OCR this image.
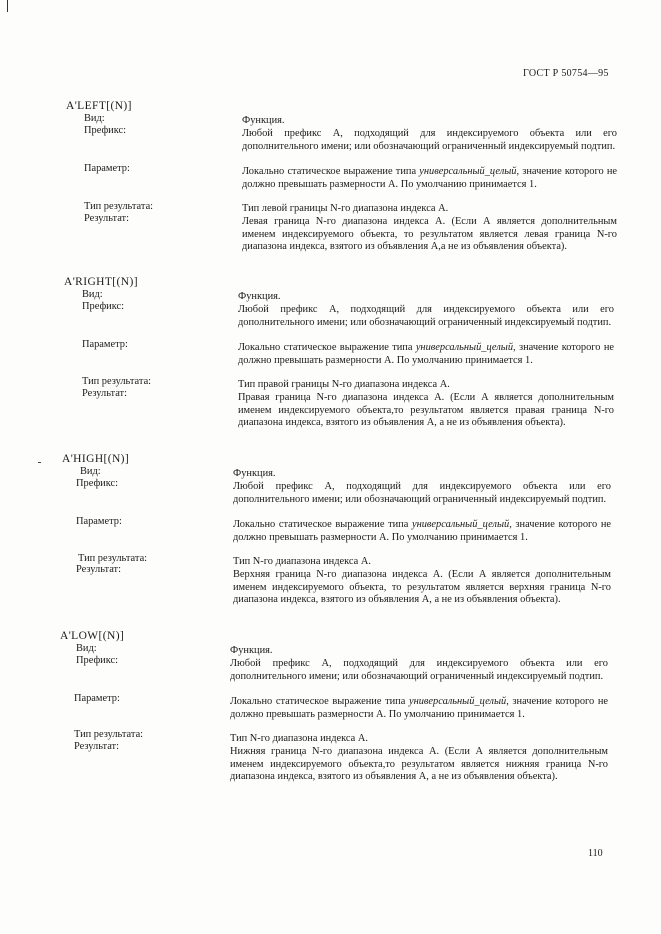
ГОСТ Р 50754—95
A'LEFT[(N)]
Вид:
Префикс:
Параметр:
Тип результата:
Результат:
Функция.
Любой префикс А, подходящий для индексируемого объекта или его дополнительного имени; или обозначающий ограниченный индексируемый подтип.
Локально статическое выражение типа универсальный_целый, значение которого не должно превышать размерности А. По умолчанию принимается 1.
Тип левой границы N-го диапазона индекса А.
Левая граница N-го диапазона индекса А. (Если А является дополнительным именем индексируемого объекта, то результатом является левая граница N-го диапазона индекса, взятого из объявления А,а не из объявления объекта).
A'RIGHT[(N)]
Вид:
Префикс:
Параметр:
Тип результата:
Результат:
Функция.
Любой префикс А, подходящий для индексируемого объекта или его дополнительного имени; или обозначающий ограниченный индексируемый подтип.
Локально статическое выражение типа универсальный_целый, значение которого не должно превышать размерности А. По умолчанию принимается 1.
Тип правой границы N-го диапазона индекса А.
Правая граница N-го диапазона индекса А. (Если А является дополнительным именем индексируемого объекта,то результатом является правая граница N-го диапазона индекса, взятого из объявления А, а не из объявления объекта).
A'HIGH[(N)]
Вид:
Префикс:
Параметр:
Тип результата:
Результат:
Функция.
Любой префикс А, подходящий для индексируемого объекта или его дополнительного имени; или обозначающий ограниченный индексируемый подтип.
Локально статическое выражение типа универсальный_целый, значение которого не должно превышать размерности А. По умолчанию принимается 1.
Тип N-го диапазона индекса А.
Верхняя граница N-го диапазона индекса А. (Если А является дополнительным именем индексируемого объекта, то результатом является верхняя граница N-го диапазона индекса, взятого из объявления А, а не из объявления объекта).
A'LOW[(N)]
Вид:
Префикс:
Параметр:
Тип результата:
Результат:
Функция.
Любой префикс А, подходящий для индексируемого объекта или его дополнительного имени; или обозначающий ограниченный индексируемый подтип.
Локально статическое выражение типа универсальный_целый, значение которого не должно превышать размерности А. По умолчанию принимается 1.
Тип N-го диапазона индекса А.
Нижняя граница N-го диапазона индекса А. (Если А является дополнительным именем индексируемого объекта,то результатом является нижняя граница N-го диапазона индекса, взятого из объявления А, а не из объявления объекта).
110
